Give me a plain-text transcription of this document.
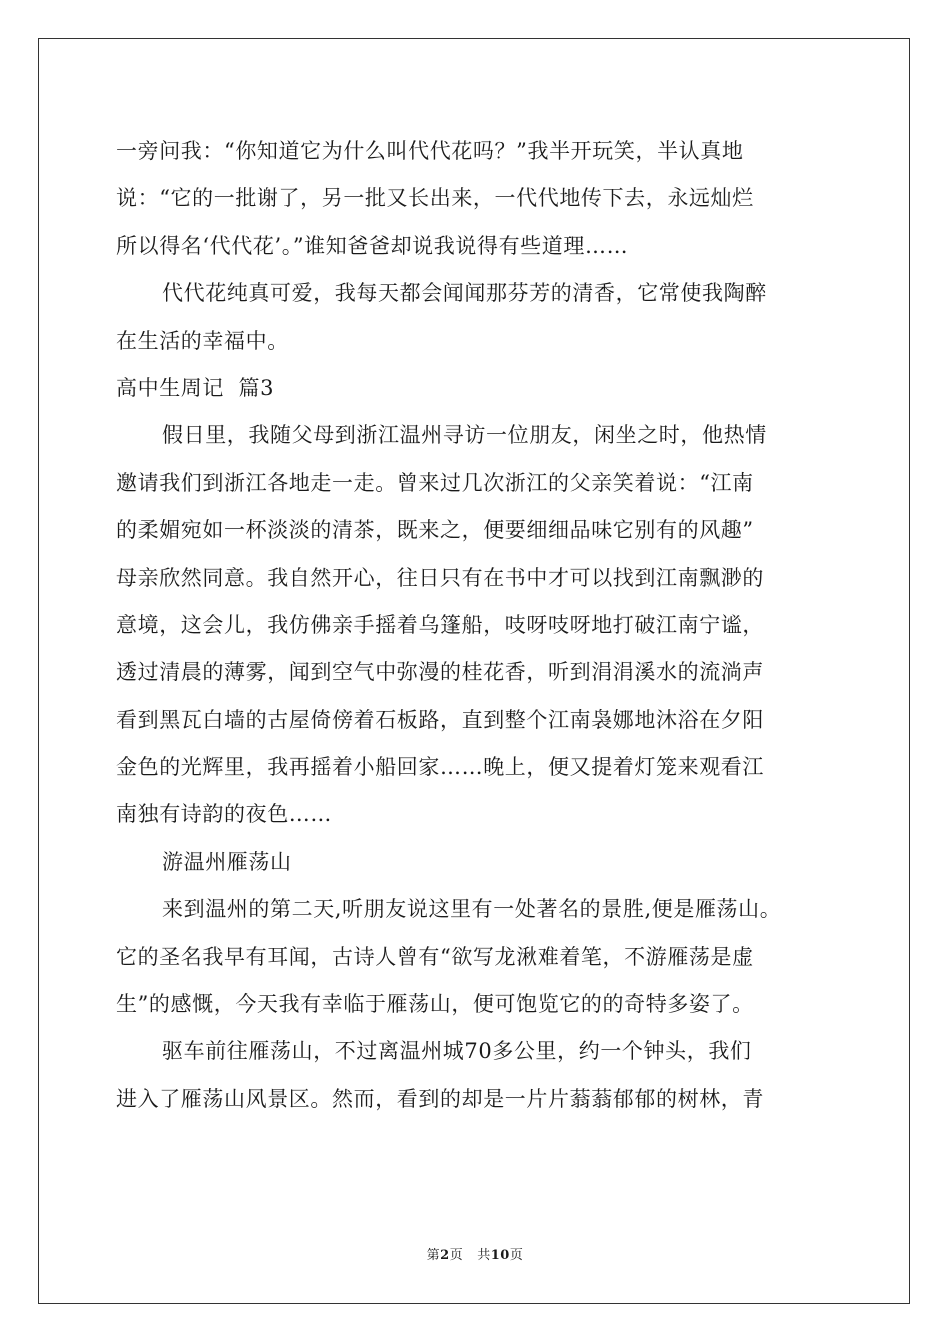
一旁问我：“你知道它为什么叫代代花吗？”我半开玩笑，半认真地
说：“它的一批谢了，另一批又长出来，一代代地传下去，永远灿烂
所以得名‘代代花’。”谁知爸爸却说我说得有些道理……
代代花纯真可爱，我每天都会闻闻那芬芳的清香，它常使我陶醉
在生活的幸福中。
高中生周记  篇3
假日里，我随父母到浙江温州寻访一位朋友，闲坐之时，他热情
邀请我们到浙江各地走一走。曾来过几次浙江的父亲笑着说：“江南
的柔媚宛如一杯淡淡的清茶，既来之，便要细细品味它别有的风趣”
母亲欣然同意。我自然开心，往日只有在书中才可以找到江南飘渺的
意境，这会儿，我仿佛亲手摇着乌篷船，吱呀吱呀地打破江南宁谧，
透过清晨的薄雾，闻到空气中弥漫的桂花香，听到涓涓溪水的流淌声
看到黑瓦白墙的古屋倚傍着石板路，直到整个江南袅娜地沐浴在夕阳
金色的光辉里，我再摇着小船回家……晚上，便又提着灯笼来观看江
南独有诗韵的夜色……
游温州雁荡山
来到温州的第二天,听朋友说这里有一处著名的景胜,便是雁荡山。
它的圣名我早有耳闻，古诗人曾有“欲写龙湫难着笔，不游雁荡是虚
生”的感慨，今天我有幸临于雁荡山，便可饱览它的的奇特多姿了。
驱车前往雁荡山，不过离温州城70多公里，约一个钟头，我们
进入了雁荡山风景区。然而，看到的却是一片片蓊蓊郁郁的树林，青
第2页 共10页
